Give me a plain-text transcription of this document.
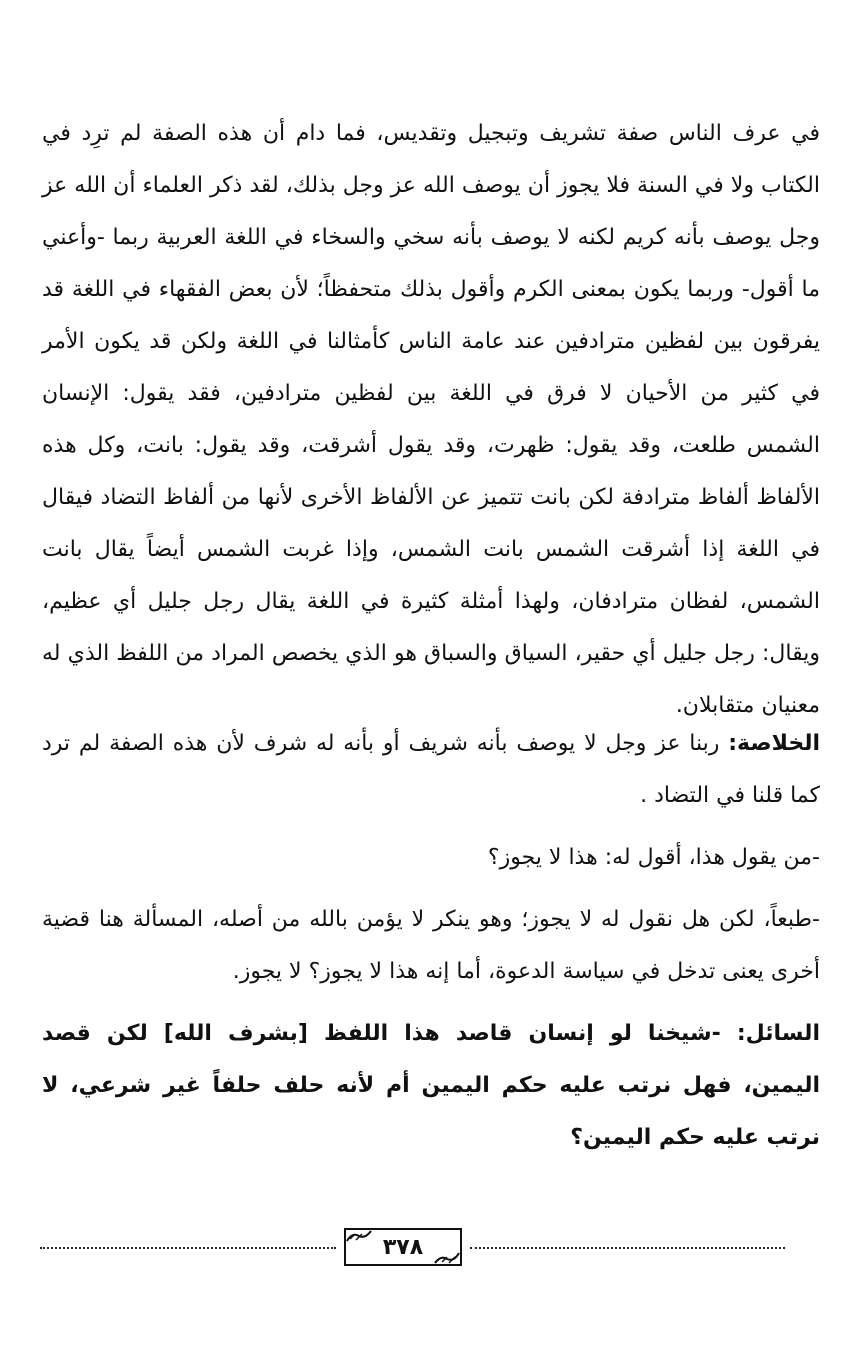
في عرف الناس صفة تشريف وتبجيل وتقديس، فما دام أن هذه الصفة لم ترِد في الكتاب ولا في السنة فلا يجوز أن يوصف الله عز وجل بذلك، لقد ذكر العلماء أن الله عز وجل يوصف بأنه كريم لكنه لا يوصف بأنه سخي والسخاء في اللغة العربية ربما -وأعني ما أقول- وربما يكون بمعنى الكرم وأقول بذلك متحفظاً؛ لأن بعض الفقهاء في اللغة قد يفرقون بين لفظين مترادفين عند عامة الناس كأمثالنا في اللغة ولكن قد يكون الأمر في كثير من الأحيان لا فرق في اللغة بين لفظين مترادفين، فقد يقول: الإنسان الشمس طلعت، وقد يقول: ظهرت، وقد يقول أشرقت، وقد يقول: بانت، وكل هذه الألفاظ ألفاظ مترادفة لكن بانت تتميز عن الألفاظ الأخرى لأنها من ألفاظ التضاد فيقال في اللغة إذا أشرقت الشمس بانت الشمس، وإذا غربت الشمس أيضاً يقال بانت الشمس، لفظان مترادفان، ولهذا أمثلة كثيرة في اللغة يقال رجل جليل أي عظيم، ويقال: رجل جليل أي حقير، السياق والسباق هو الذي يخصص المراد من اللفظ الذي له معنيان متقابلان.

الخلاصة: ربنا عز وجل لا يوصف بأنه شريف أو بأنه له شرف لأن هذه الصفة لم ترد كما قلنا في التضاد .

-من يقول هذا، أقول له: هذا لا يجوز؟

-طبعاً، لكن هل نقول له لا يجوز؛ وهو ينكر لا يؤمن بالله من أصله، المسألة هنا قضية أخرى يعنى تدخل في سياسة الدعوة، أما إنه هذا لا يجوز؟ لا يجوز.

السائل: -شيخنا لو إنسان قاصد هذا اللفظ [بشرف الله] لكن قصد اليمين، فهل نرتب عليه حكم اليمين أم لأنه حلف حلفاً غير شرعي، لا نرتب عليه حكم اليمين؟

٣٧٨
